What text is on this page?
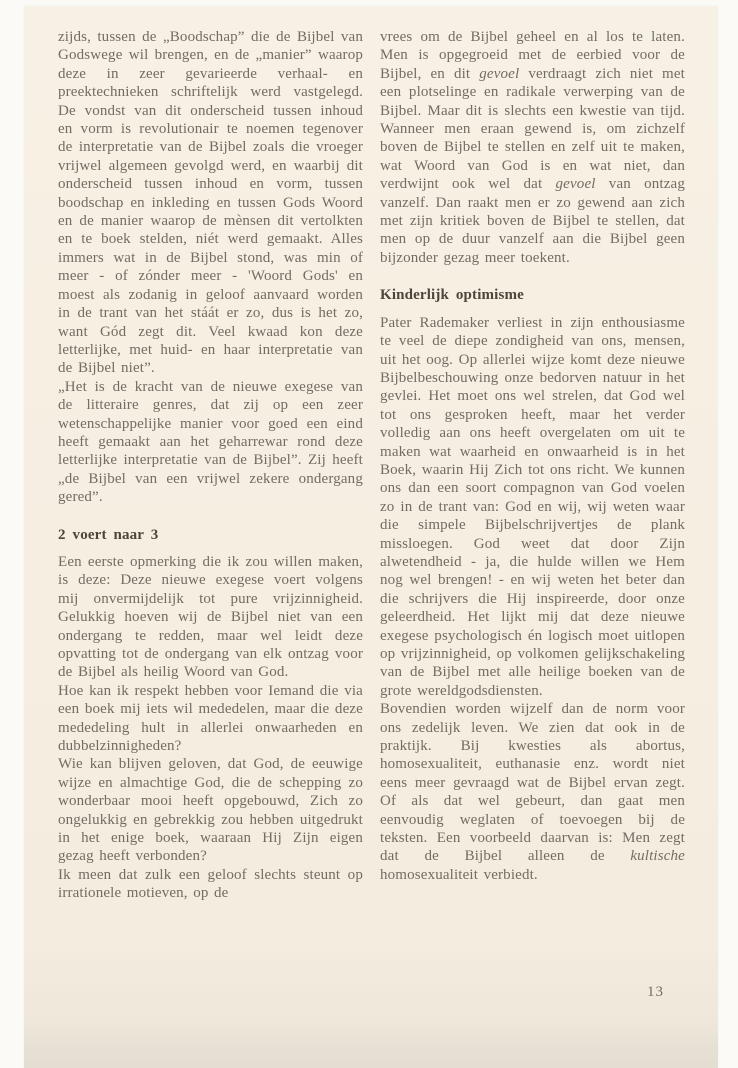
zijds, tussen de „Boodschap” die de Bijbel van Godswege wil brengen, en de „manier” waarop deze in zeer gevarieerde verhaal- en preektechnieken schriftelijk werd vastgelegd. De vondst van dit onderscheid tussen inhoud en vorm is revolutionair te noemen tegenover de interpretatie van de Bijbel zoals die vroeger vrijwel algemeen gevolgd werd, en waarbij dit onderscheid tussen inhoud en vorm, tussen boodschap en inkleding en tussen Gods Woord en de manier waarop de mènsen dit vertolkten en te boek stelden, niét werd gemaakt. Alles immers wat in de Bijbel stond, was min of meer - of zónder meer - 'Woord Gods' en moest als zodanig in geloof aanvaard worden in de trant van het stáát er zo, dus is het zo, want Gód zegt dit. Veel kwaad kon deze letterlijke, met huid- en haar interpretatie van de Bijbel niet”.

„Het is de kracht van de nieuwe exegese van de litteraire genres, dat zij op een zeer wetenschappelijke manier voor goed een eind heeft gemaakt aan het geharrewar rond deze letterlijke interpretatie van de Bijbel”. Zij heeft „de Bijbel van een vrijwel zekere ondergang gered”.

2 voert naar 3

Een eerste opmerking die ik zou willen maken, is deze: Deze nieuwe exegese voert volgens mij onvermijdelijk tot pure vrijzinnigheid. Gelukkig hoeven wij de Bijbel niet van een ondergang te redden, maar wel leidt deze opvatting tot de ondergang van elk ontzag voor de Bijbel als heilig Woord van God.

Hoe kan ik respekt hebben voor Iemand die via een boek mij iets wil mededelen, maar die deze mededeling hult in allerlei onwaarheden en dubbelzinnigheden?

Wie kan blijven geloven, dat God, de eeuwige wijze en almachtige God, die de schepping zo wonderbaar mooi heeft opgebouwd, Zich zo ongelukkig en gebrekkig zou hebben uitgedrukt in het enige boek, waaraan Hij Zijn eigen gezag heeft verbonden?

Ik meen dat zulk een geloof slechts steunt op irrationele motieven, op de

vrees om de Bijbel geheel en al los te laten. Men is opgegroeid met de eerbied voor de Bijbel, en dit gevoel verdraagt zich niet met een plotselinge en radikale verwerping van de Bijbel. Maar dit is slechts een kwestie van tijd. Wanneer men eraan gewend is, om zichzelf boven de Bijbel te stellen en zelf uit te maken, wat Woord van God is en wat niet, dan verdwijnt ook wel dat gevoel van ontzag vanzelf. Dan raakt men er zo gewend aan zich met zijn kritiek boven de Bijbel te stellen, dat men op de duur vanzelf aan die Bijbel geen bijzonder gezag meer toekent.

Kinderlijk optimisme

Pater Rademaker verliest in zijn enthousiasme te veel de diepe zondigheid van ons, mensen, uit het oog. Op allerlei wijze komt deze nieuwe Bijbelbeschouwing onze bedorven natuur in het gevlei. Het moet ons wel strelen, dat God wel tot ons gesproken heeft, maar het verder volledig aan ons heeft overgelaten om uit te maken wat waarheid en onwaarheid is in het Boek, waarin Hij Zich tot ons richt. We kunnen ons dan een soort compagnon van God voelen zo in de trant van: God en wij, wij weten waar die simpele Bijbelschrijvertjes de plank missloegen. God weet dat door Zijn alwetendheid - ja, die hulde willen we Hem nog wel brengen! - en wij weten het beter dan die schrijvers die Hij inspireerde, door onze geleerdheid. Het lijkt mij dat deze nieuwe exegese psychologisch én logisch moet uitlopen op vrijzinnigheid, op volkomen gelijkschakeling van de Bijbel met alle heilige boeken van de grote wereldgodsdiensten.

Bovendien worden wijzelf dan de norm voor ons zedelijk leven. We zien dat ook in de praktijk. Bij kwesties als abortus, homosexualiteit, euthanasie enz. wordt niet eens meer gevraagd wat de Bijbel ervan zegt. Of als dat wel gebeurt, dan gaat men eenvoudig weglaten of toevoegen bij de teksten. Een voorbeeld daarvan is: Men zegt dat de Bijbel alleen de kultische homosexualiteit verbiedt.

13
